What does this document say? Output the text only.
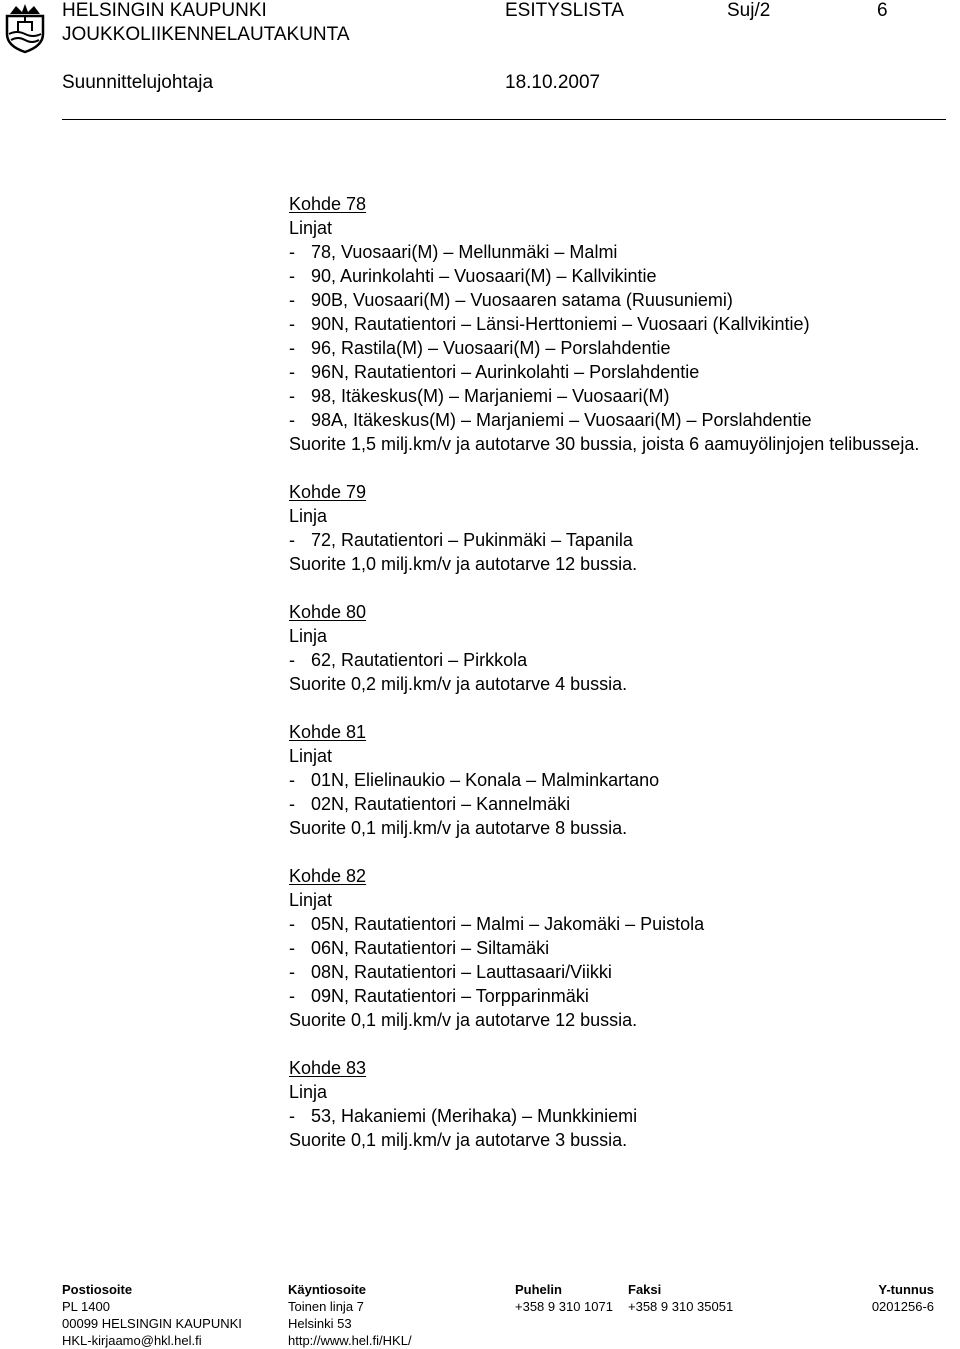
HELSINGIN KAUPUNKI
JOUKKOLIIKENNELAUTAKUNTA
ESITYSLISTA	Suj/2	6
Suunnittelujohtaja	18.10.2007
Kohde 78
Linjat
- 78, Vuosaari(M) – Mellunmäki – Malmi
- 90, Aurinkolahti – Vuosaari(M) – Kallvikintie
- 90B, Vuosaari(M) – Vuosaaren satama (Ruusuniemi)
- 90N, Rautatientori – Länsi-Herttoniemi – Vuosaari (Kallvikintie)
- 96, Rastila(M) – Vuosaari(M) – Porslahdentie
- 96N, Rautatientori – Aurinkolahti – Porslahdentie
- 98, Itäkeskus(M) – Marjaniemi – Vuosaari(M)
- 98A, Itäkeskus(M) – Marjaniemi – Vuosaari(M) – Porslahdentie
Suorite 1,5 milj.km/v ja autotarve 30 bussia, joista 6 aamuyölinjojen telibusseja.
Kohde 79
Linja
- 72, Rautatientori – Pukinmäki – Tapanila
Suorite 1,0 milj.km/v ja autotarve 12 bussia.
Kohde 80
Linja
- 62, Rautatientori – Pirkkola
Suorite 0,2 milj.km/v ja autotarve 4 bussia.
Kohde 81
Linjat
- 01N, Elielinaukio – Konala – Malminkartano
- 02N, Rautatientori – Kannelmäki
Suorite 0,1 milj.km/v ja autotarve 8 bussia.
Kohde 82
Linjat
- 05N, Rautatientori – Malmi – Jakomäki – Puistola
- 06N, Rautatientori – Siltamäki
- 08N, Rautatientori – Lauttasaari/Viikki
- 09N, Rautatientori – Torpparinmäki
Suorite 0,1 milj.km/v ja autotarve 12 bussia.
Kohde 83
Linja
- 53, Hakaniemi (Merihaka) – Munkkiniemi
Suorite 0,1 milj.km/v ja autotarve 3 bussia.
Postiosoite
PL 1400
00099 HELSINGIN KAUPUNKI
HKL-kirjaamo@hkl.hel.fi
Käyntiosoite
Toinen linja 7
Helsinki 53
http://www.hel.fi/HKL/
Puhelin
+358 9 310 1071
Faksi
+358 9 310 35051
Y-tunnus
0201256-6
